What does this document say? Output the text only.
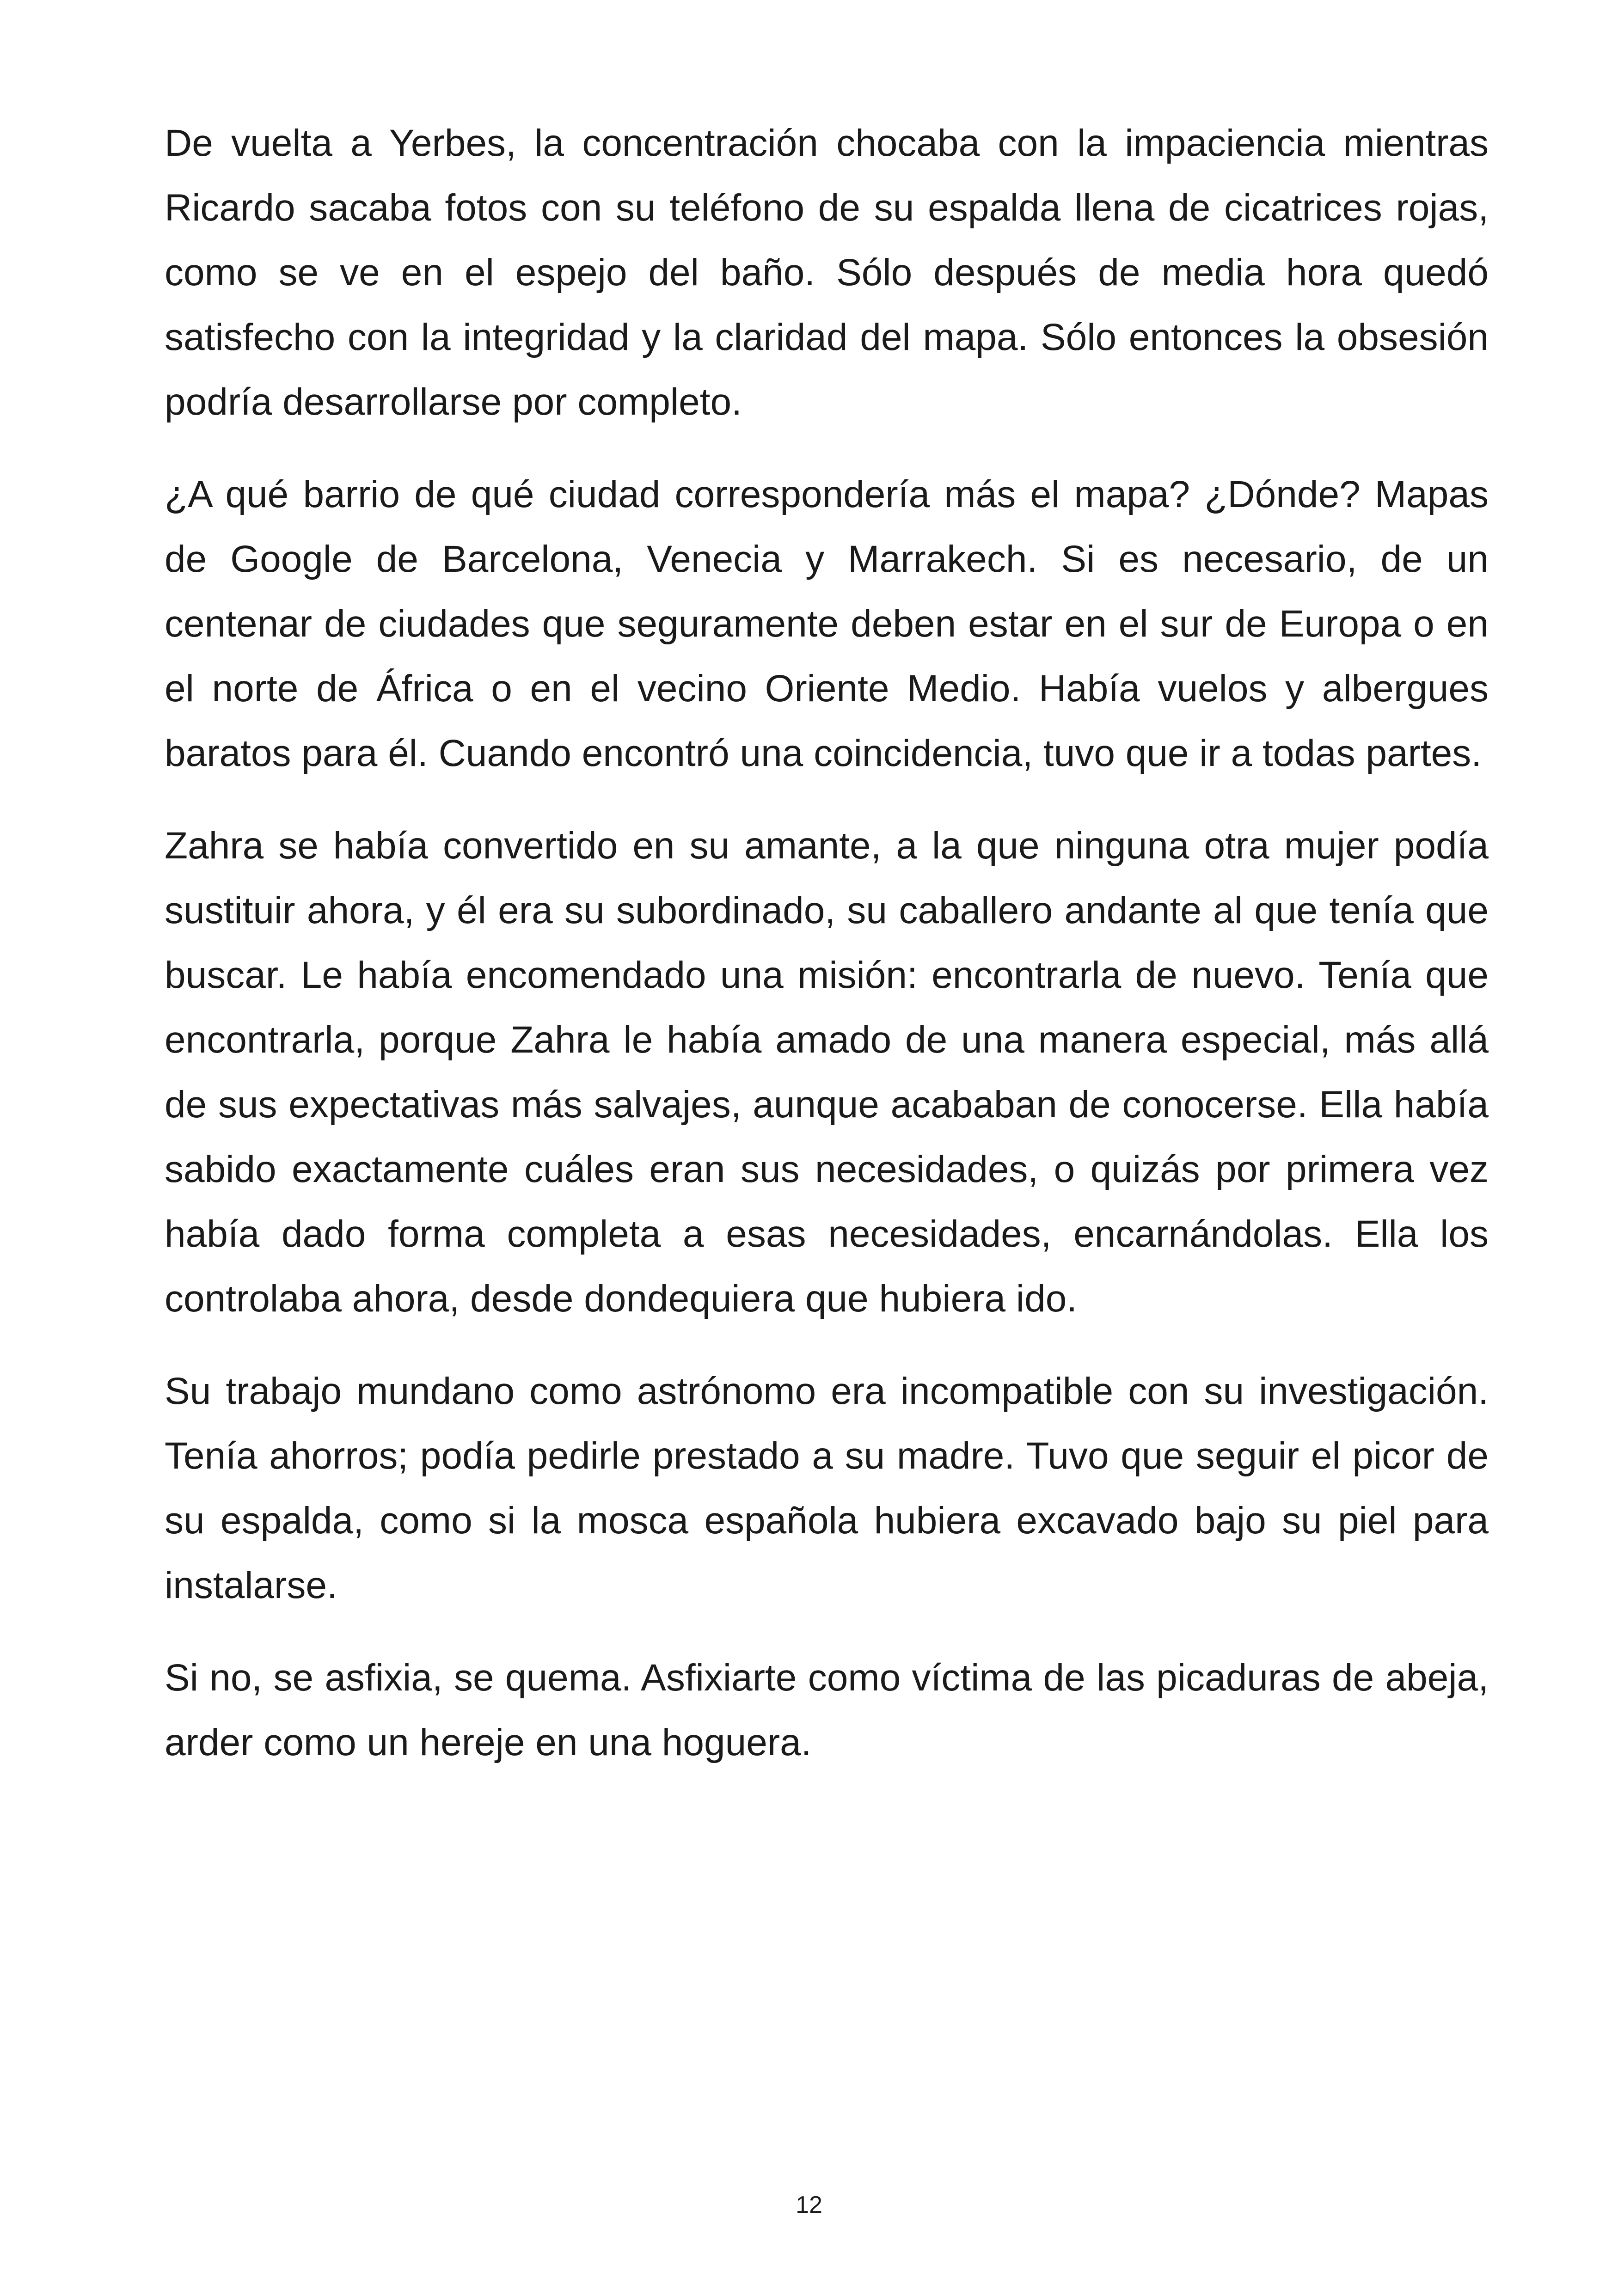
De vuelta a Yerbes, la concentración chocaba con la impaciencia mientras Ricardo sacaba fotos con su teléfono de su espalda llena de cicatrices rojas, como se ve en el espejo del baño. Sólo después de media hora quedó satisfecho con la integridad y la claridad del mapa. Sólo entonces la obsesión podría desarrollarse por completo.

¿A qué barrio de qué ciudad correspondería más el mapa? ¿Dónde? Mapas de Google de Barcelona, Venecia y Marrakech. Si es necesario, de un centenar de ciudades que seguramente deben estar en el sur de Europa o en el norte de África o en el vecino Oriente Medio. Había vuelos y albergues baratos para él. Cuando encontró una coincidencia, tuvo que ir a todas partes.

Zahra se había convertido en su amante, a la que ninguna otra mujer podía sustituir ahora, y él era su subordinado, su caballero andante al que tenía que buscar. Le había encomendado una misión: encontrarla de nuevo. Tenía que encontrarla, porque Zahra le había amado de una manera especial, más allá de sus expectativas más salvajes, aunque acababan de conocerse. Ella había sabido exactamente cuáles eran sus necesidades, o quizás por primera vez había dado forma completa a esas necesidades, encarnándolas. Ella los controlaba ahora, desde dondequiera que hubiera ido.

Su trabajo mundano como astrónomo era incompatible con su investigación. Tenía ahorros; podía pedirle prestado a su madre. Tuvo que seguir el picor de su espalda, como si la mosca española hubiera excavado bajo su piel para instalarse.

Si no, se asfixia, se quema. Asfixiarte como víctima de las picaduras de abeja, arder como un hereje en una hoguera.

12
